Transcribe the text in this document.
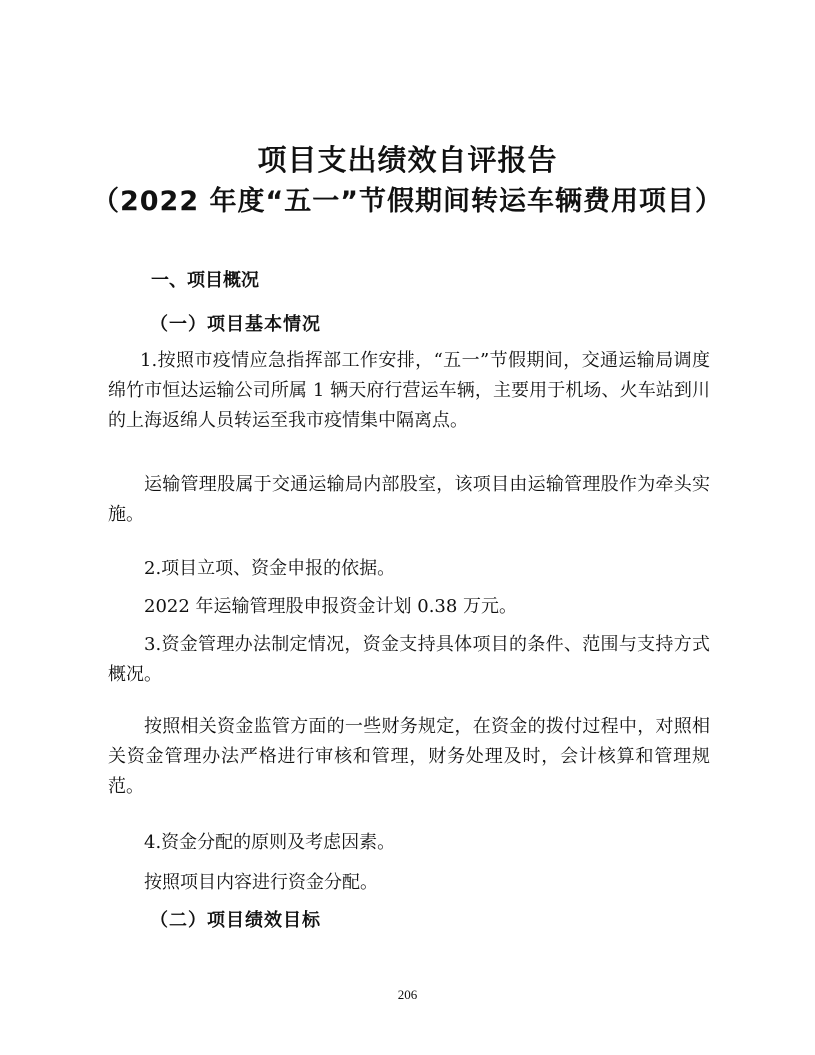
项目支出绩效自评报告
（2022 年度“五一”节假期间转运车辆费用项目）
一、项目概况
（一）项目基本情况
1.按照市疫情应急指挥部工作安排，“五一”节假期间，交通运输局调度绵竹市恒达运输公司所属 1 辆天府行营运车辆，主要用于机场、火车站到川的上海返绵人员转运至我市疫情集中隔离点。
运输管理股属于交通运输局内部股室，该项目由运输管理股作为牵头实施。
2.项目立项、资金申报的依据。
2022 年运输管理股申报资金计划 0.38 万元。
3.资金管理办法制定情况，资金支持具体项目的条件、范围与支持方式概况。
按照相关资金监管方面的一些财务规定，在资金的拨付过程中，对照相关资金管理办法严格进行审核和管理，财务处理及时，会计核算和管理规范。
4.资金分配的原则及考虑因素。
按照项目内容进行资金分配。
（二）项目绩效目标
206
